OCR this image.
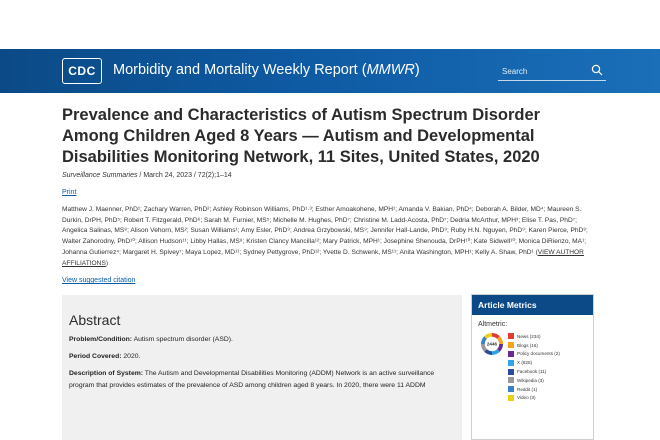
CDC	Morbidity and Mortality Weekly Report (MMWR)
Search
Prevalence and Characteristics of Autism Spectrum Disorder Among Children Aged 8 Years — Autism and Developmental Disabilities Monitoring Network, 11 Sites, United States, 2020
Surveillance Summaries / March 24, 2023 / 72(2);1–14
Print
Matthew J. Maenner, PhD¹; Zachary Warren, PhD²; Ashley Robinson Williams, PhD¹·³; Esther Amoakohene, MPH¹; Amanda V. Bakian, PhD⁴; Deborah A. Bilder, MD⁴; Maureen S. Durkin, DrPH, PhD⁵; Robert T. Fitzgerald, PhD⁶; Sarah M. Furnier, MS⁵; Michelle M. Hughes, PhD⁷; Christine M. Ladd-Acosta, PhD⁷; Dedria McArthur, MPH³; Elise T. Pas, PhD⁷; Angelica Salinas, MS⁸; Alison Vehorn, MS²; Susan Williams¹; Amy Esler, PhD⁹; Andrea Grzybowski, MS⁹; Jennifer Hall-Lande, PhD⁹; Ruby H.N. Nguyen, PhD⁹; Karen Pierce, PhD⁸; Walter Zahorodny, PhD¹⁰; Allison Hudson¹¹; Libby Hallas, MS⁸; Kristen Clancy Mancilla¹²; Mary Patrick, MPH¹; Josephine Shenouda, DrPH¹⁰; Kate Sidwell¹⁰; Monica DiRienzo, MA¹; Johanna Gutierrez⁴; Margaret H. Spivey⁷; Maya Lopez, MD¹¹; Sydney Pettygrove, PhD¹²; Yvette D. Schwenk, MS¹¹; Anita Washington, MPH¹; Kelly A. Shaw, PhD¹ (VIEW AUTHOR AFFILIATIONS)
View suggested citation
Abstract
Problem/Condition: Autism spectrum disorder (ASD).
Period Covered: 2020.
Description of System: The Autism and Developmental Disabilities Monitoring (ADDM) Network is an active surveillance program that provides estimates of the prevalence of ASD among children aged 8 years. In 2020, there were 11 ADDM
Article Metrics
Altmetric:
2446
News (234)
Blogs (16)
Policy documents (2)
X (825)
Facebook (11)
Wikipedia (3)
Reddit (1)
Video (3)
